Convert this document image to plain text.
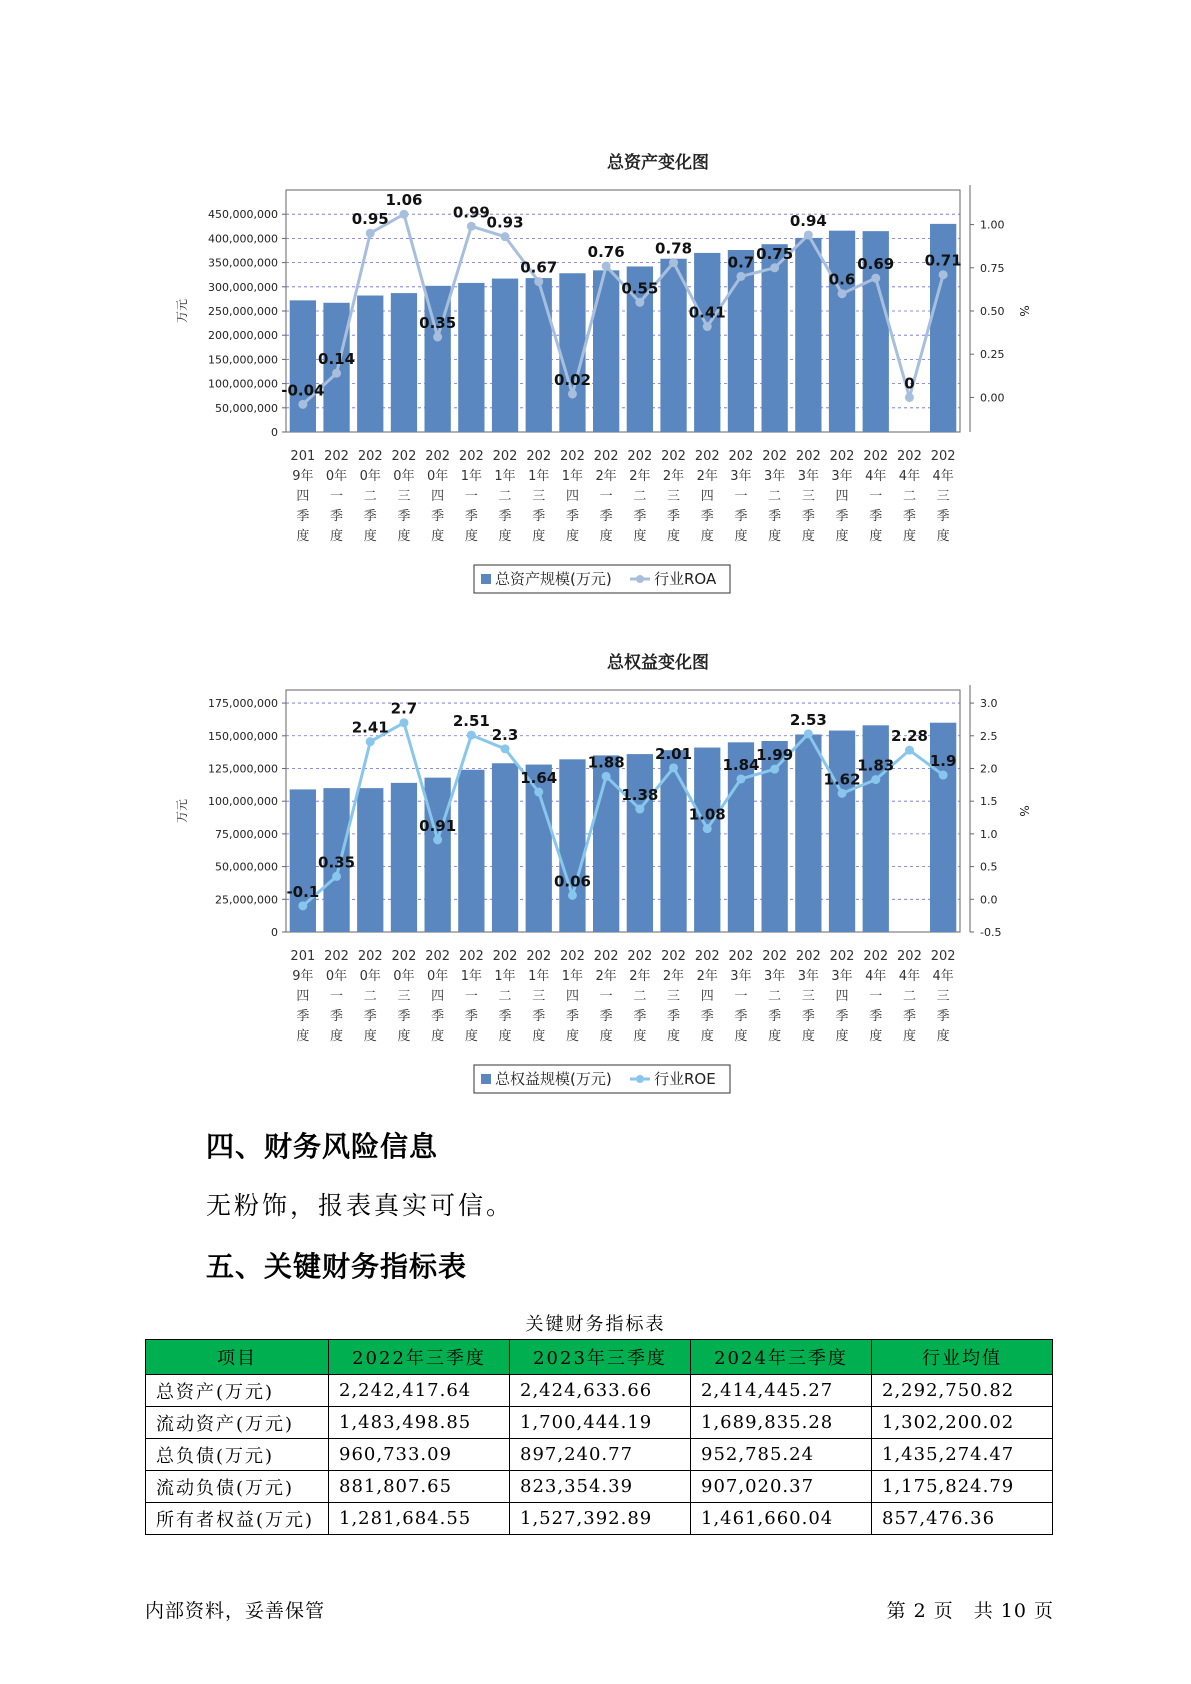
总资产变化图
0
50,000,000
100,000,000
150,000,000
200,000,000
250,000,000
300,000,000
350,000,000
400,000,000
450,000,000
0.00
0.25
0.50
0.75
1.00
万元	%
-0.04
0.14
0.95
1.06
0.35
0.99
0.93
0.67
0.02
0.76
0.55
0.78
0.41
0.7 0.75
0.94
0.6
0.69
0
0.71
201
9年
四
季
度
202
0年
一
季
度
202
0年
二
季
度
202
0年
三
季
度
202
0年
四
季
度
202
1年
一
季
度
202
1年
二
季
度
202
1年
三
季
度
202
1年
四
季
度
202
2年
一
季
度
202
2年
二
季
度
202
2年
三
季
度
202
2年
四
季
度
202
3年
一
季
度
202
3年
二
季
度
202
3年
三
季
度
202
3年
四
季
度
202
4年
一
季
度
202
4年
二
季
度
202
4年
三
季
度
总资产规模(万元)	行业ROA
总权益变化图
0
25,000,000
50,000,000
75,000,000
100,000,000
125,000,000
150,000,000
175,000,000
-0.5
0.0
0.5
1.0
1.5
2.0
2.5
3.0
万元	%
-0.1
0.35
2.41
2.7
0.91
2.51
2.3
1.64
0.06
1.88
1.38
2.01
1.08
1.84
1.99
2.53
1.62
1.83
2.28
1.9
201
9年
四
季
度
202
0年
一
季
度
202
0年
二
季
度
202
0年
三
季
度
202
0年
四
季
度
202
1年
一
季
度
202
1年
二
季
度
202
1年
三
季
度
202
1年
四
季
度
202
2年
一
季
度
202
2年
二
季
度
202
2年
三
季
度
202
2年
四
季
度
202
3年
一
季
度
202
3年
二
季
度
202
3年
三
季
度
202
3年
四
季
度
202
4年
一
季
度
202
4年
二
季
度
202
4年
三
季
度
总权益规模(万元)	行业ROE
四、财务风险信息
无粉饰，报表真实可信。
五、关键财务指标表
关键财务指标表
项目	2022年三季度	2023年三季度	2024年三季度	行业均值
总资产(万元)	2,242,417.64	2,424,633.66	2,414,445.27	2,292,750.82
流动资产(万元)	1,483,498.85	1,700,444.19	1,689,835.28	1,302,200.02
总负债(万元)	960,733.09	897,240.77	952,785.24	1,435,274.47
流动负债(万元)	881,807.65	823,354.39	907,020.37	1,175,824.79
所有者权益(万元)	1,281,684.55	1,527,392.89	1,461,660.04	857,476.36
内部资料，妥善保管	第 2 页　共 10 页
